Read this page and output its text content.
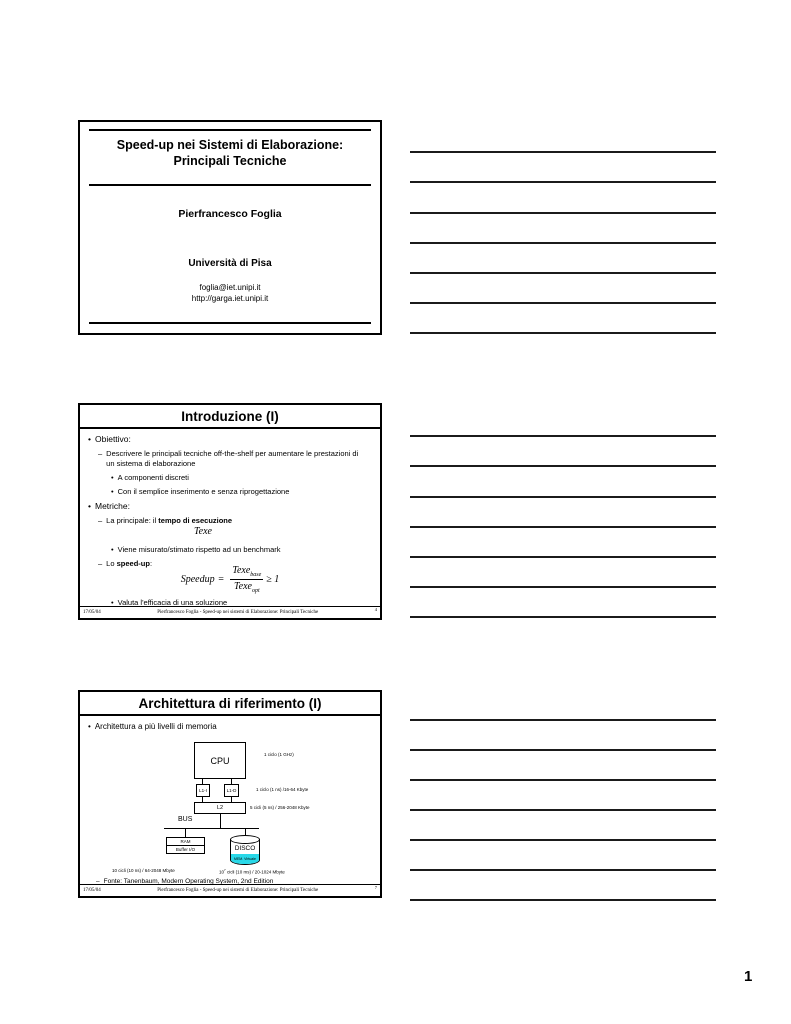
Speed-up nei Sistemi di Elaborazione:
Principali Tecniche
Pierfrancesco Foglia
Università di Pisa
foglia@iet.unipi.it
http://garga.iet.unipi.it
Introduzione (I)
• Obiettivo:
– Descrivere le principali tecniche off-the-shelf per aumentare le prestazioni di un sistema di elaborazione
• A componenti discreti
• Con il semplice inserimento e senza riprogettazione
• Metriche:
– La principale: il tempo di esecuzione
Texe
• Viene misurato/stimato rispetto ad un benchmark
– Lo speed-up:
Speedup = $\frac{Texe_{base}}{Texe_{opt}} \ge 1$
• Valuta l'efficacia di una soluzione
17/05/04	Pierfrancesco Foglia - Speed-up nei sistemi di Elaborazione: Principali Tecniche
4
Architettura di riferimento (I)
• Architettura a più livelli di memoria
CPU
L1-I	L1-D
L2
BUS
RAM
Buffer I/O
MEM. Virtuale
DISCO
1 ciclo (1 GHz)
1 ciclo (1 ns) /16-64 Kbyte
5 cicli (5 ns) / 256-2048 Kbyte
10 cicli (10 ns) / 64-2048 Mbyte	$10^7$ cicli (10 ms) / 20-1024 Mbyte
– Fonte: Tanenbaum, Modern Operating System, 2nd Edition
17/05/04	Pierfrancesco Foglia - Speed-up nei sistemi di Elaborazione: Principali Tecniche
7
1
